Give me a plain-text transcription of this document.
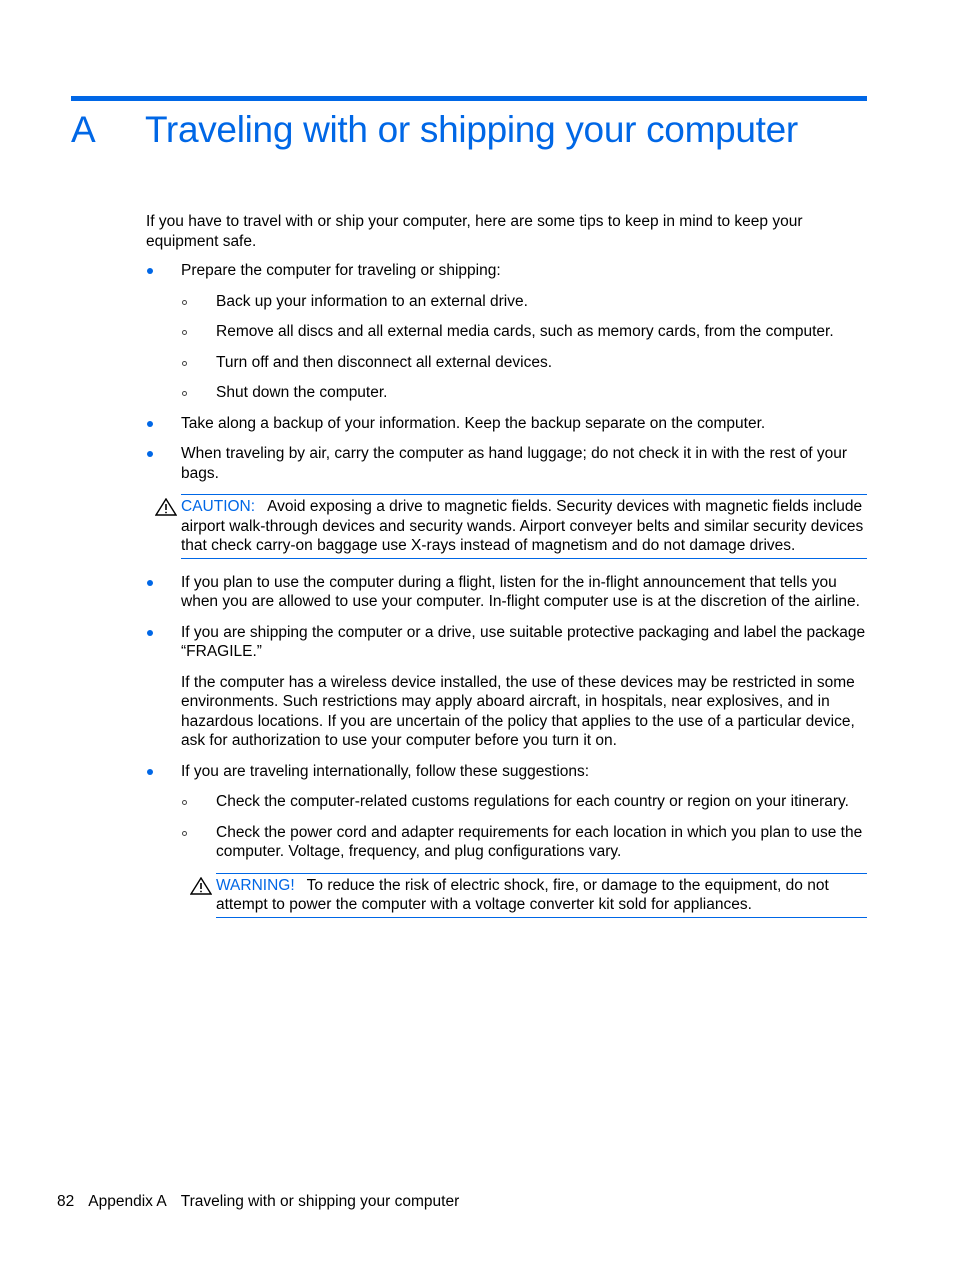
A Traveling with or shipping your computer

If you have to travel with or ship your computer, here are some tips to keep in mind to keep your equipment safe.

Prepare the computer for traveling or shipping:

Back up your information to an external drive.

Remove all discs and all external media cards, such as memory cards, from the computer.

Turn off and then disconnect all external devices.

Shut down the computer.

Take along a backup of your information. Keep the backup separate on the computer.

When traveling by air, carry the computer as hand luggage; do not check it in with the rest of your bags.

CAUTION: Avoid exposing a drive to magnetic fields. Security devices with magnetic fields include airport walk-through devices and security wands. Airport conveyer belts and similar security devices that check carry-on baggage use X-rays instead of magnetism and do not damage drives.

If you plan to use the computer during a flight, listen for the in-flight announcement that tells you when you are allowed to use your computer. In-flight computer use is at the discretion of the airline.

If you are shipping the computer or a drive, use suitable protective packaging and label the package “FRAGILE.”

If the computer has a wireless device installed, the use of these devices may be restricted in some environments. Such restrictions may apply aboard aircraft, in hospitals, near explosives, and in hazardous locations. If you are uncertain of the policy that applies to the use of a particular device, ask for authorization to use your computer before you turn it on.

If you are traveling internationally, follow these suggestions:

Check the computer-related customs regulations for each country or region on your itinerary.

Check the power cord and adapter requirements for each location in which you plan to use the computer. Voltage, frequency, and plug configurations vary.

WARNING! To reduce the risk of electric shock, fire, or damage to the equipment, do not attempt to power the computer with a voltage converter kit sold for appliances.
82 Appendix A Traveling with or shipping your computer
